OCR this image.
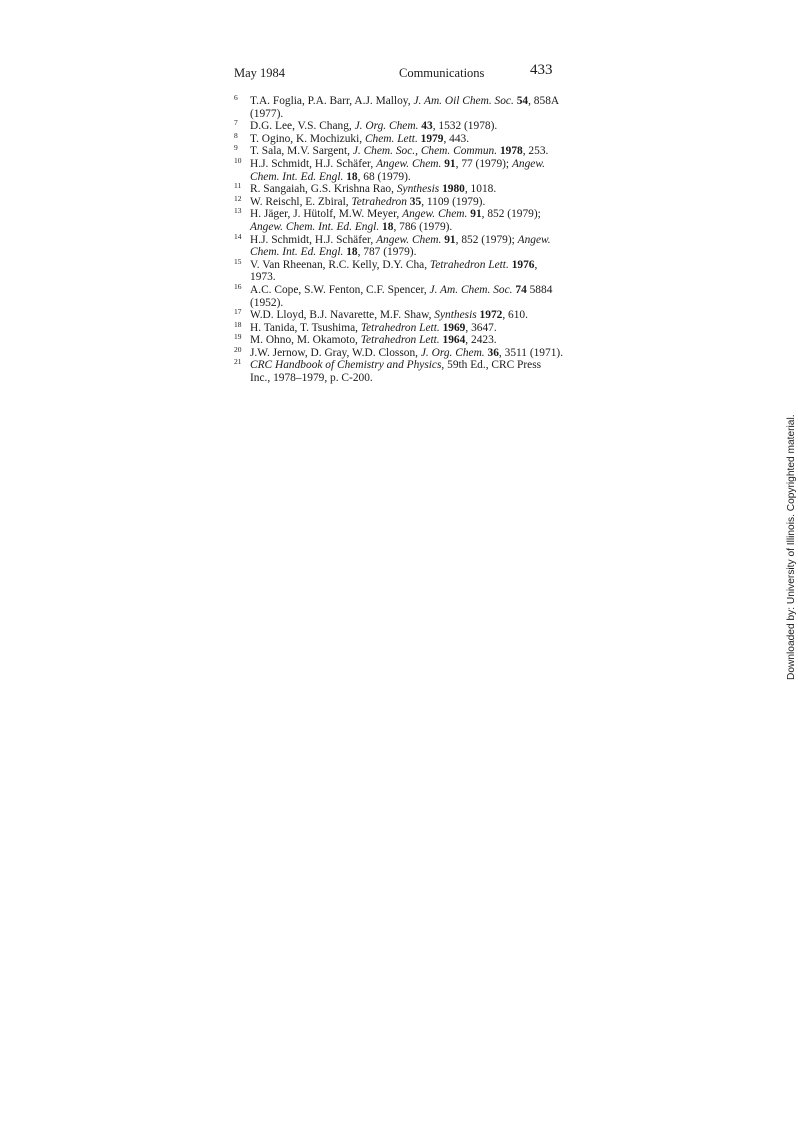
May 1984	Communications	433
6	T.A. Foglia, P.A. Barr, A.J. Malloy, J. Am. Oil Chem. Soc. 54, 858A (1977).
7	D.G. Lee, V.S. Chang, J. Org. Chem. 43, 1532 (1978).
8	T. Ogino, K. Mochizuki, Chem. Lett. 1979, 443.
9	T. Sala, M.V. Sargent, J. Chem. Soc., Chem. Commun. 1978, 253.
10 H.J. Schmidt, H.J. Schäfer, Angew. Chem. 91, 77 (1979); Angew. Chem. Int. Ed. Engl. 18, 68 (1979).
11 R. Sangaiah, G.S. Krishna Rao, Synthesis 1980, 1018.
12 W. Reischl, E. Zbiral, Tetrahedron 35, 1109 (1979).
13 H. Jäger, J. Hütolf, M.W. Meyer, Angew. Chem. 91, 852 (1979); Angew. Chem. Int. Ed. Engl. 18, 786 (1979).
14 H.J. Schmidt, H.J. Schäfer, Angew. Chem. 91, 852 (1979); Angew. Chem. Int. Ed. Engl. 18, 787 (1979).
15 V. Van Rheenan, R.C. Kelly, D.Y. Cha, Tetrahedron Lett. 1976, 1973.
16 A.C. Cope, S.W. Fenton, C.F. Spencer, J. Am. Chem. Soc. 74 5884 (1952).
17 W.D. Lloyd, B.J. Navarette, M.F. Shaw, Synthesis 1972, 610.
18 H. Tanida, T. Tsushima, Tetrahedron Lett. 1969, 3647.
19 M. Ohno, M. Okamoto, Tetrahedron Lett. 1964, 2423.
20 J.W. Jernow, D. Gray, W.D. Closson, J. Org. Chem. 36, 3511 (1971).
21 CRC Handbook of Chemistry and Physics, 59th Ed., CRC Press Inc., 1978–1979, p. C-200.
Downloaded by: University of Illinois. Copyrighted material.
